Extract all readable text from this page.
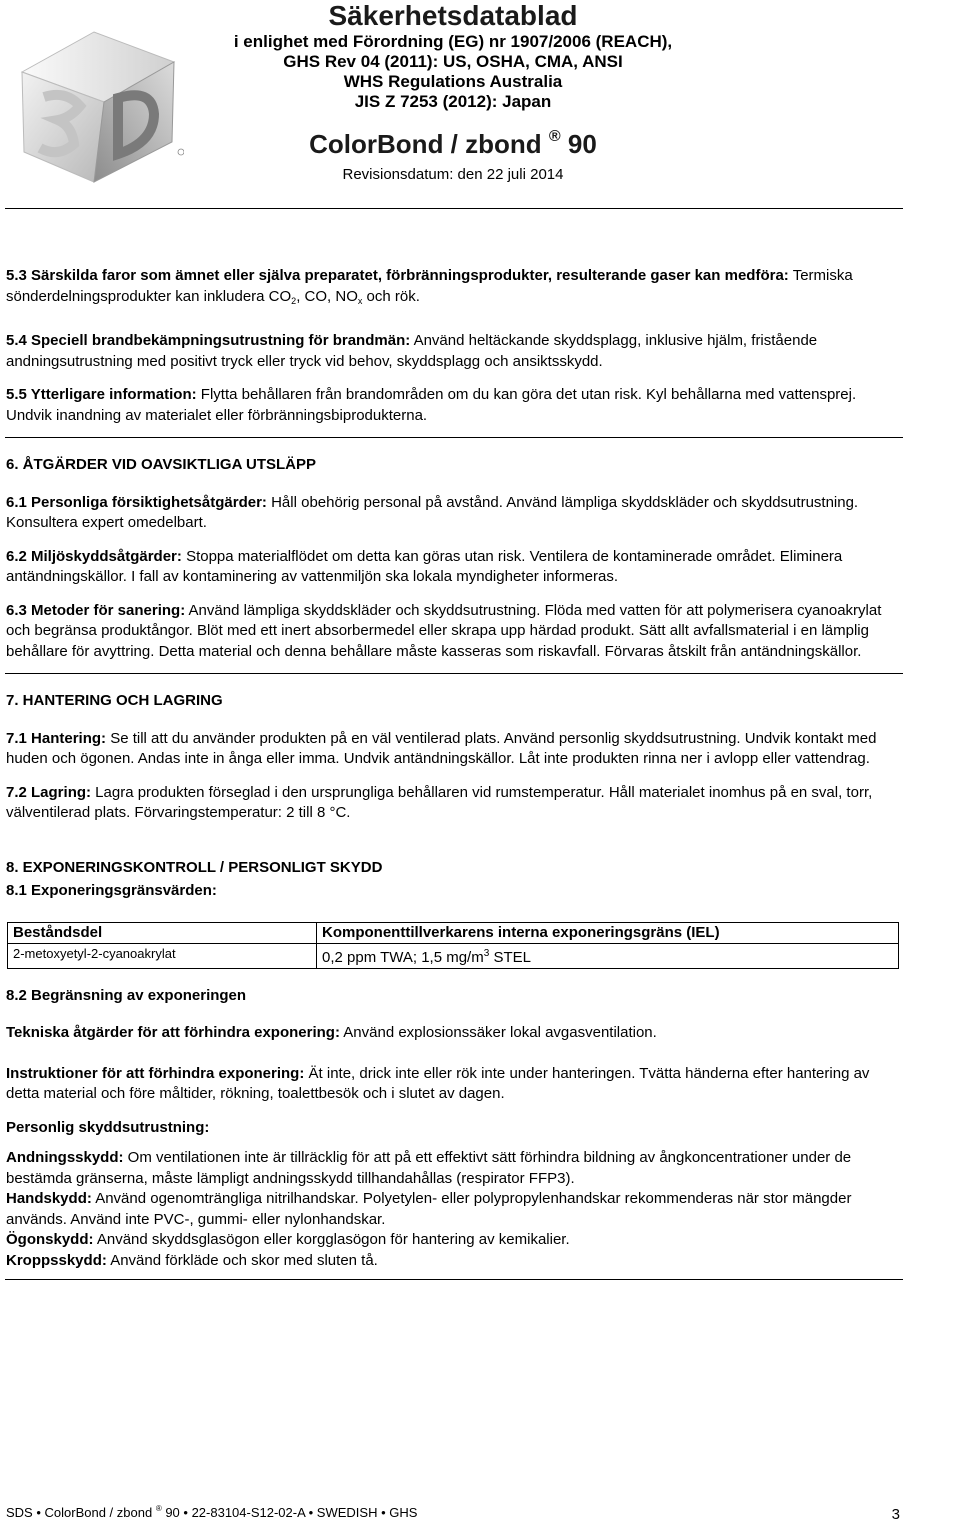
Säkerhetsdatablad
i enlighet med Förordning (EG) nr 1907/2006 (REACH),
GHS Rev 04 (2011): US, OSHA, CMA, ANSI
WHS Regulations Australia
JIS Z 7253 (2012): Japan
ColorBond / zbond ® 90
Revisionsdatum: den 22 juli 2014

5.3 Särskilda faror som ämnet eller själva preparatet, förbränningsprodukter, resulterande gaser kan medföra: Termiska sönderdelningsprodukter kan inkludera $CO_2$, CO, $NO_x$ och rök.

5.4 Speciell brandbekämpningsutrustning för brandmän: Använd heltäckande skyddsplagg, inklusive hjälm, fristående andningsutrustning med positivt tryck eller tryck vid behov, skyddsplagg och ansiktsskydd.

5.5 Ytterligare information: Flytta behållaren från brandområden om du kan göra det utan risk. Kyl behållarna med vattensprej. Undvik inandning av materialet eller förbränningsbiprodukterna.

6. ÅTGÄRDER VID OAVSIKTLIGA UTSLÄPP

6.1 Personliga försiktighetsåtgärder: Håll obehörig personal på avstånd. Använd lämpliga skyddskläder och skyddsutrustning. Konsultera expert omedelbart.

6.2 Miljöskyddsåtgärder: Stoppa materialflödet om detta kan göras utan risk. Ventilera de kontaminerade området. Eliminera antändningskällor. I fall av kontaminering av vattenmiljön ska lokala myndigheter informeras.

6.3 Metoder för sanering: Använd lämpliga skyddskläder och skyddsutrustning. Flöda med vatten för att polymerisera cyanoakrylat och begränsa produktångor. Blöt med ett inert absorbermedel eller skrapa upp härdad produkt. Sätt allt avfallsmaterial i en lämplig behållare för avyttring. Detta material och denna behållare måste kasseras som riskavfall. Förvaras åtskilt från antändningskällor.

7. HANTERING OCH LAGRING

7.1 Hantering: Se till att du använder produkten på en väl ventilerad plats. Använd personlig skyddsutrustning. Undvik kontakt med huden och ögonen. Andas inte in ånga eller imma. Undvik antändningskällor. Låt inte produkten rinna ner i avlopp eller vattendrag.

7.2 Lagring: Lagra produkten förseglad i den ursprungliga behållaren vid rumstemperatur. Håll materialet inomhus på en sval, torr, välventilerad plats. Förvaringstemperatur: 2 till 8 °C.

8. EXPONERINGSKONTROLL / PERSONLIGT SKYDD

8.1 Exponeringsgränsvärden:

Beståndsdel	Komponenttillverkarens interna exponeringsgräns (IEL)
2-metoxyetyl-2-cyanoakrylat	0,2 ppm TWA; 1,5 $mg/m^3$ STEL

8.2 Begränsning av exponeringen

Tekniska åtgärder för att förhindra exponering: Använd explosionssäker lokal avgasventilation.

Instruktioner för att förhindra exponering: Ät inte, drick inte eller rök inte under hanteringen. Tvätta händerna efter hantering av detta material och före måltider, rökning, toalettbesök och i slutet av dagen.

Personlig skyddsutrustning:

Andningsskydd: Om ventilationen inte är tillräcklig för att på ett effektivt sätt förhindra bildning av ångkoncentrationer under de bestämda gränserna, måste lämpligt andningsskydd tillhandahållas (respirator FFP3).

Handskydd: Använd ogenomträngliga nitrilhandskar. Polyetylen- eller polypropylenhandskar rekommenderas när stor mängder används. Använd inte PVC-, gummi- eller nylonhandskar.

Ögonskydd: Använd skyddsglasögon eller korgglasögon för hantering av kemikalier.

Kroppsskydd: Använd förkläde och skor med sluten tå.

SDS • ColorBond / zbond ® 90 • 22-83104-S12-02-A • SWEDISH • GHS	3
